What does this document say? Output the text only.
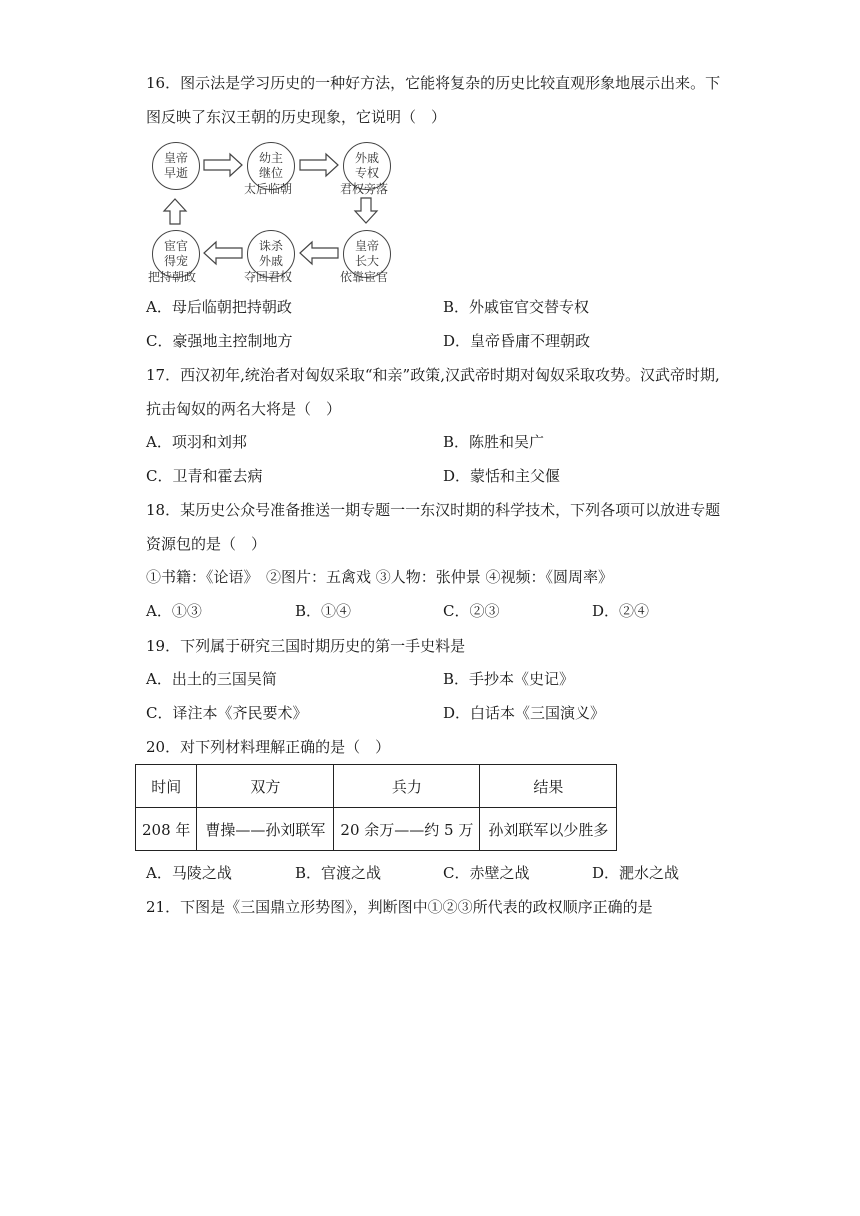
16．图示法是学习历史的一种好方法，它能将复杂的历史比较直观形象地展示出来。下
图反映了东汉王朝的历史现象，它说明（　）
皇帝
早逝
幼主
继位
太后临朝
外戚
专权
君权旁落
宦官
得宠
把持朝政
诛杀
外戚
夺回君权
皇帝
长大
依靠宦官
A．母后临朝把持朝政	B．外戚宦官交替专权
C．豪强地主控制地方	D．皇帝昏庸不理朝政
17．西汉初年,统治者对匈奴采取“和亲”政策,汉武帝时期对匈奴采取攻势。汉武帝时期,
抗击匈奴的两名大将是（　）
A．项羽和刘邦	B．陈胜和吴广
C．卫青和霍去病	D．蒙恬和主父偃
18．某历史公众号准备推送一期专题一一东汉时期的科学技术，下列各项可以放进专题
资源包的是（　）
①书籍：《论语》　②图片：五禽戏 ③人物：张仲景 ④视频：《圆周率》
A．①③	B．①④	C．②③	D．②④
19．下列属于研究三国时期历史的第一手史料是
A．出土的三国吴简	B．手抄本《史记》
C．译注本《齐民要术》	D．白话本《三国演义》
20．对下列材料理解正确的是（　）
时间	双方	兵力	结果
208 年	曹操——孙刘联军	20 余万——约 5 万	孙刘联军以少胜多
A．马陵之战	B．官渡之战	C．赤壁之战	D．淝水之战
21．下图是《三国鼎立形势图》，判断图中①②③所代表的政权顺序正确的是
